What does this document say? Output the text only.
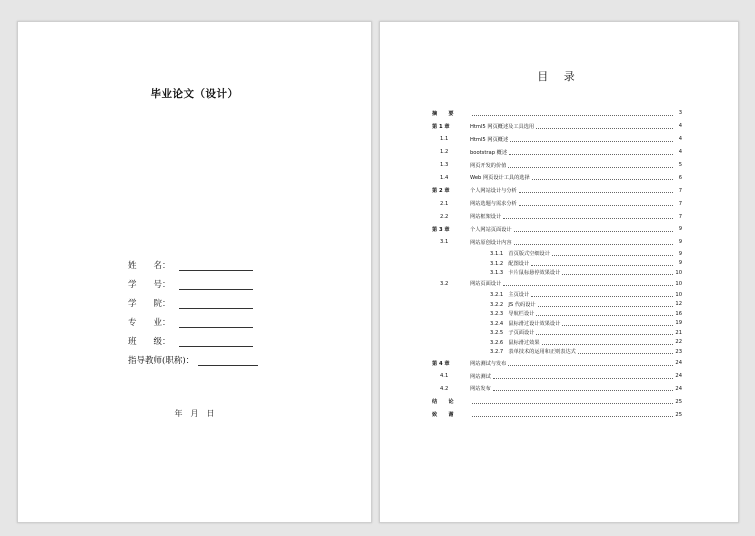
毕业论文（设计）
姓　　名：
学　　号：
学　　院：
专　　业：
班　　级：
指导教师(职称)：
年　月　日
目 录
摘　要	3
第 1 章	Html5 网页概述及工具选用	4
1.1	Html5 网页概述	4
1.2	bootstrap 概述	4
1.3	网页开发的价值	5
1.4	Web 网页设计工具的选择	6
第 2 章	个人网站设计与分析	7
2.1	网站选题与需求分析	7
2.2	网站框架设计	7
第 3 章	个人网站页面设计	9
3.1	网站原创设计内容	9
3.1.1　首页版式空细设计	9
3.1.2　配图设计	9
3.1.3　卡片鼠标悬停效果设计	10
3.2	网站页面设计	10
3.2.1　主页设计	10
3.2.2　JS 代码设计	12
3.2.3　导航栏设计	16
3.2.4　鼠标滑过设计效果设计	19
3.2.5　子页面设计	21
3.2.6　鼠标滑过效果	22
3.2.7　表单技术的运用和正则表达式	23
第 4 章	网站测试与发布	24
4.1	网站测试	24
4.2	网站发布	24
结　论	25
致　谢	25
